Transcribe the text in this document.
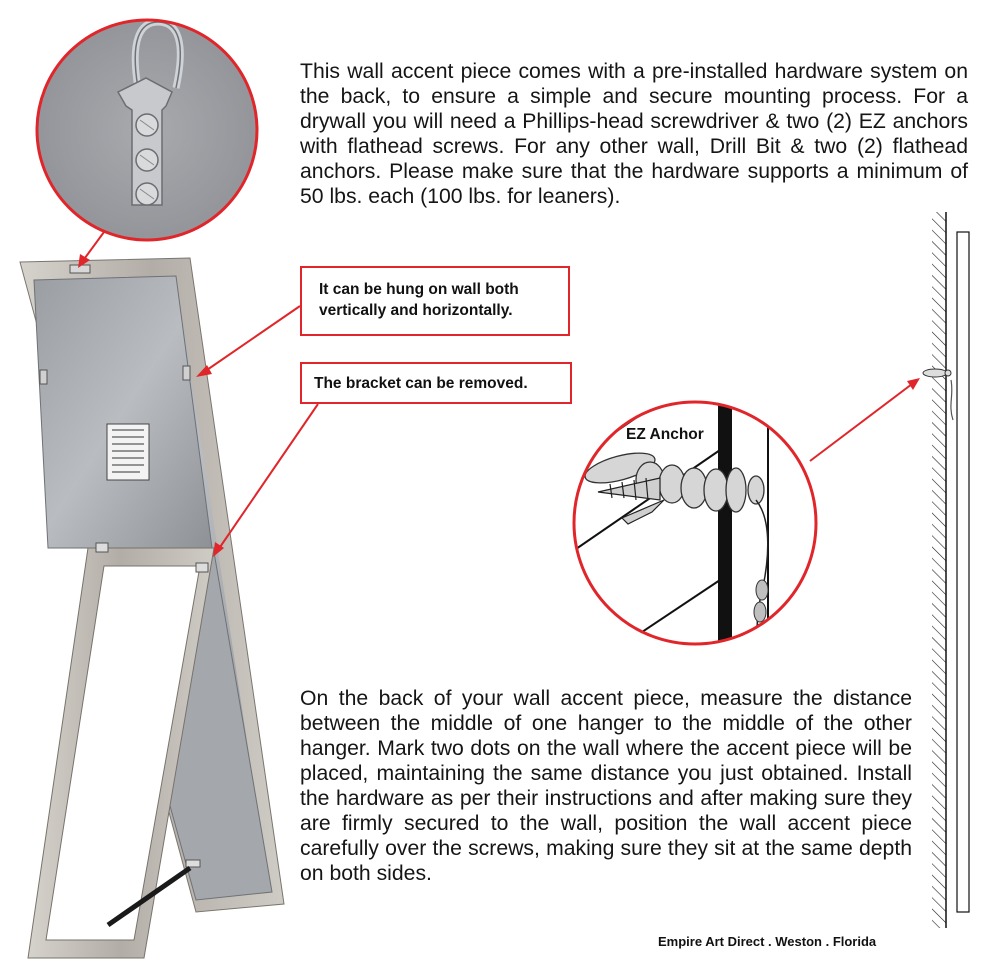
This wall accent piece comes with a pre-installed hardware system on the back, to ensure a simple and secure mounting process. For a drywall you will need a Phillips-head screwdriver & two (2) EZ anchors with flathead screws. For any other wall, Drill Bit & two (2) flathead anchors. Please make sure that the hardware supports a minimum of 50 lbs. each (100 lbs. for leaners).

It can be hung on wall both vertically and horizontally.
The bracket can be removed.
EZ Anchor

On the back of your wall accent piece, measure the distance between the middle of one hanger to the middle of the other hanger. Mark two dots on the wall where the accent piece will be placed, maintaining the same distance you just obtained. Install the hardware as per their instructions and after making sure they are firmly secured to the wall, position the wall accent piece carefully over the screws, making sure they sit at the same depth on both sides.

Empire Art Direct . Weston . Florida
